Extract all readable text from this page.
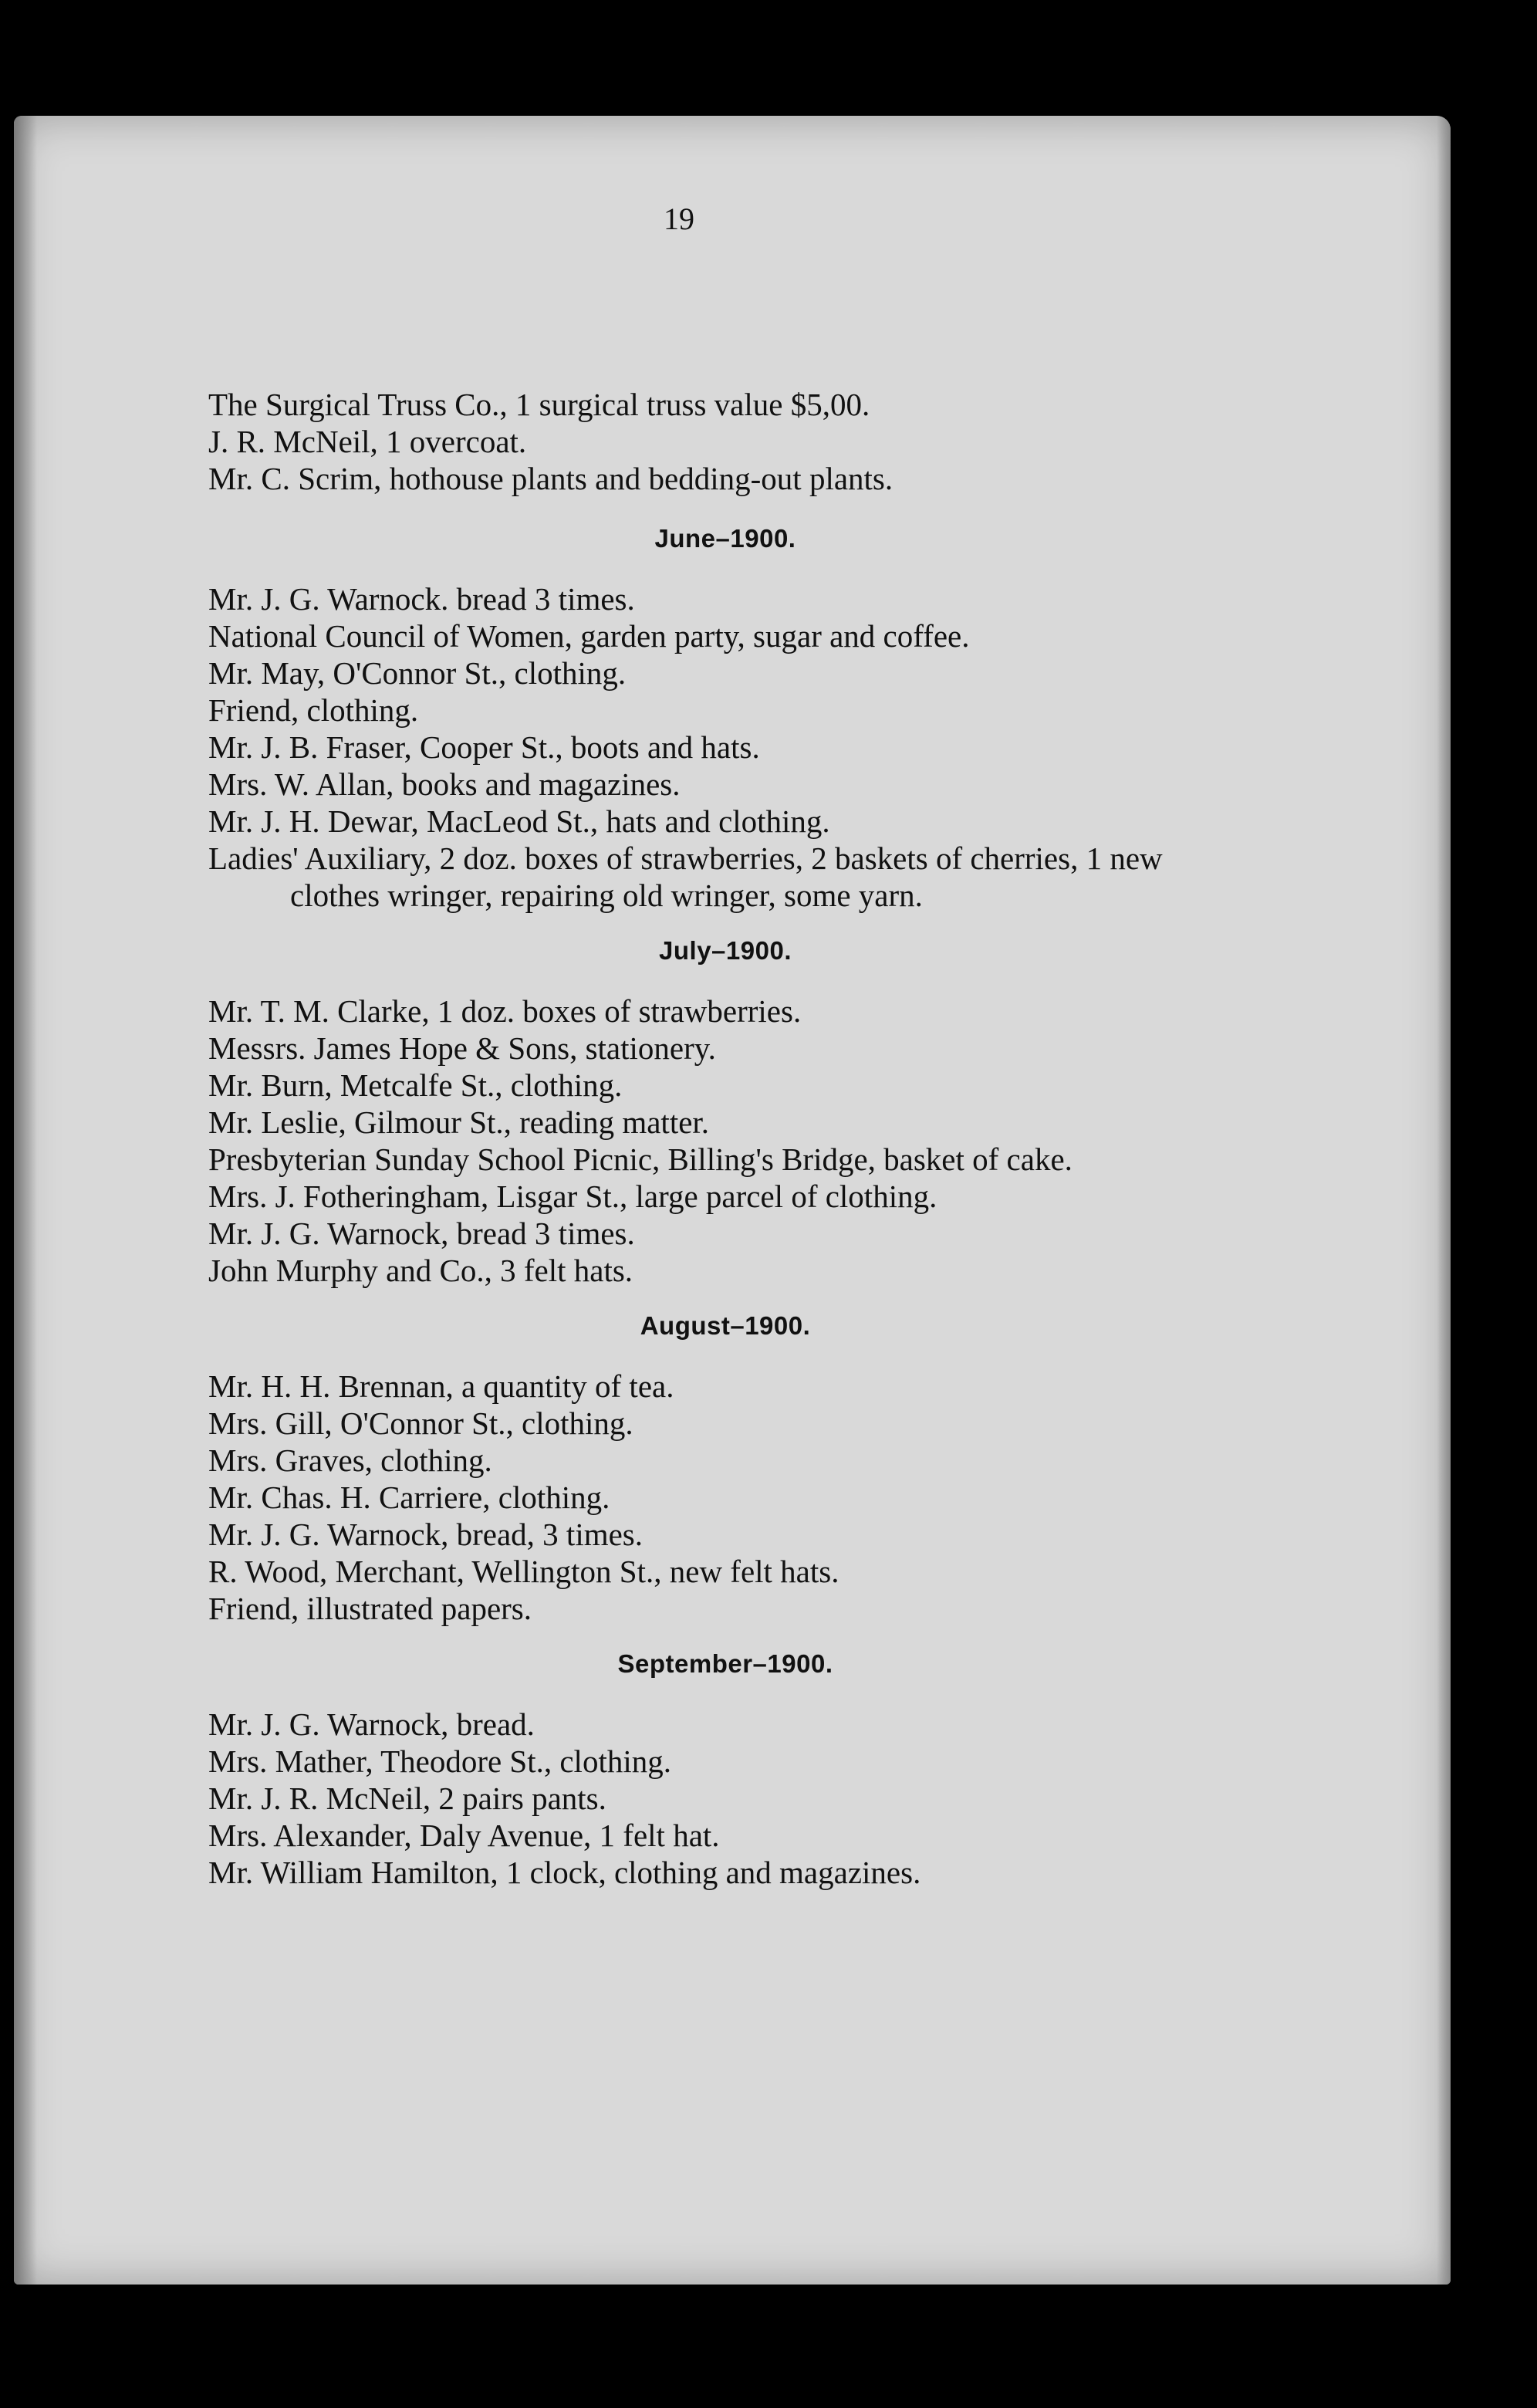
19

The Surgical Truss Co., 1 surgical truss value $5,00.

J. R. McNeil, 1 overcoat.

Mr. C. Scrim, hothouse plants and bedding-out plants.

June–1900.

Mr. J. G. Warnock. bread 3 times.

National Council of Women, garden party, sugar and coffee.

Mr. May, O'Connor St., clothing.

Friend, clothing.

Mr. J. B. Fraser, Cooper St., boots and hats.

Mrs. W. Allan, books and magazines.

Mr. J. H. Dewar, MacLeod St., hats and clothing.

Ladies' Auxiliary, 2 doz. boxes of strawberries, 2 baskets of cherries, 1 new clothes wringer, repairing old wringer, some yarn.

July–1900.

Mr. T. M. Clarke, 1 doz. boxes of strawberries.

Messrs. James Hope & Sons, stationery.

Mr. Burn, Metcalfe St., clothing.

Mr. Leslie, Gilmour St., reading matter.

Presbyterian Sunday School Picnic, Billing's Bridge, basket of cake.

Mrs. J. Fotheringham, Lisgar St., large parcel of clothing.

Mr. J. G. Warnock, bread 3 times.

John Murphy and Co., 3 felt hats.

August–1900.

Mr. H. H. Brennan, a quantity of tea.

Mrs. Gill, O'Connor St., clothing.

Mrs. Graves, clothing.

Mr. Chas. H. Carriere, clothing.

Mr. J. G. Warnock, bread, 3 times.

R. Wood, Merchant, Wellington St., new felt hats.

Friend, illustrated papers.

September–1900.

Mr. J. G. Warnock, bread.

Mrs. Mather, Theodore St., clothing.

Mr. J. R. McNeil, 2 pairs pants.

Mrs. Alexander, Daly Avenue, 1 felt hat.

Mr. William Hamilton, 1 clock, clothing and magazines.
